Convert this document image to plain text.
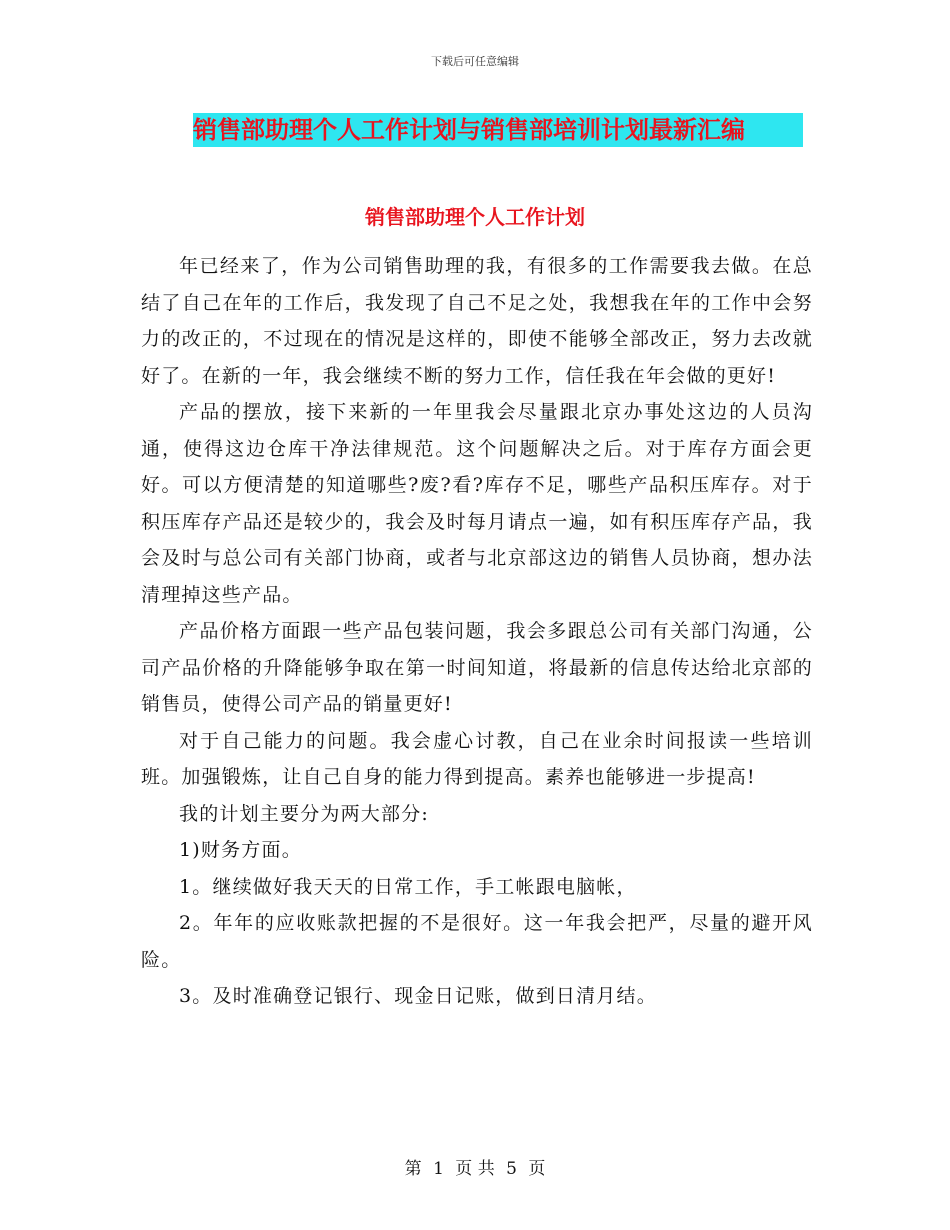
下载后可任意编辑
销售部助理个人工作计划与销售部培训计划最新汇编
销售部助理个人工作计划

年已经来了，作为公司销售助理的我，有很多的工作需要我去做。在总结了自己在年的工作后，我发现了自己不足之处，我想我在年的工作中会努力的改正的，不过现在的情况是这样的，即使不能够全部改正，努力去改就好了。在新的一年，我会继续不断的努力工作，信任我在年会做的更好!

产品的摆放，接下来新的一年里我会尽量跟北京办事处这边的人员沟通，使得这边仓库干净法律规范。这个问题解决之后。对于库存方面会更好。可以方便清楚的知道哪些?废?看?库存不足，哪些产品积压库存。对于积压库存产品还是较少的，我会及时每月请点一遍，如有积压库存产品，我会及时与总公司有关部门协商，或者与北京部这边的销售人员协商，想办法清理掉这些产品。

产品价格方面跟一些产品包装问题，我会多跟总公司有关部门沟通，公司产品价格的升降能够争取在第一时间知道，将最新的信息传达给北京部的销售员，使得公司产品的销量更好!

对于自己能力的问题。我会虚心讨教，自己在业余时间报读一些培训班。加强锻炼，让自己自身的能力得到提高。素养也能够进一步提高!

我的计划主要分为两大部分:

1)财务方面。

1。继续做好我天天的日常工作，手工帐跟电脑帐，

2。年年的应收账款把握的不是很好。这一年我会把严，尽量的避开风险。

3。及时准确登记银行、现金日记账，做到日清月结。

第 1 页 共 5 页
